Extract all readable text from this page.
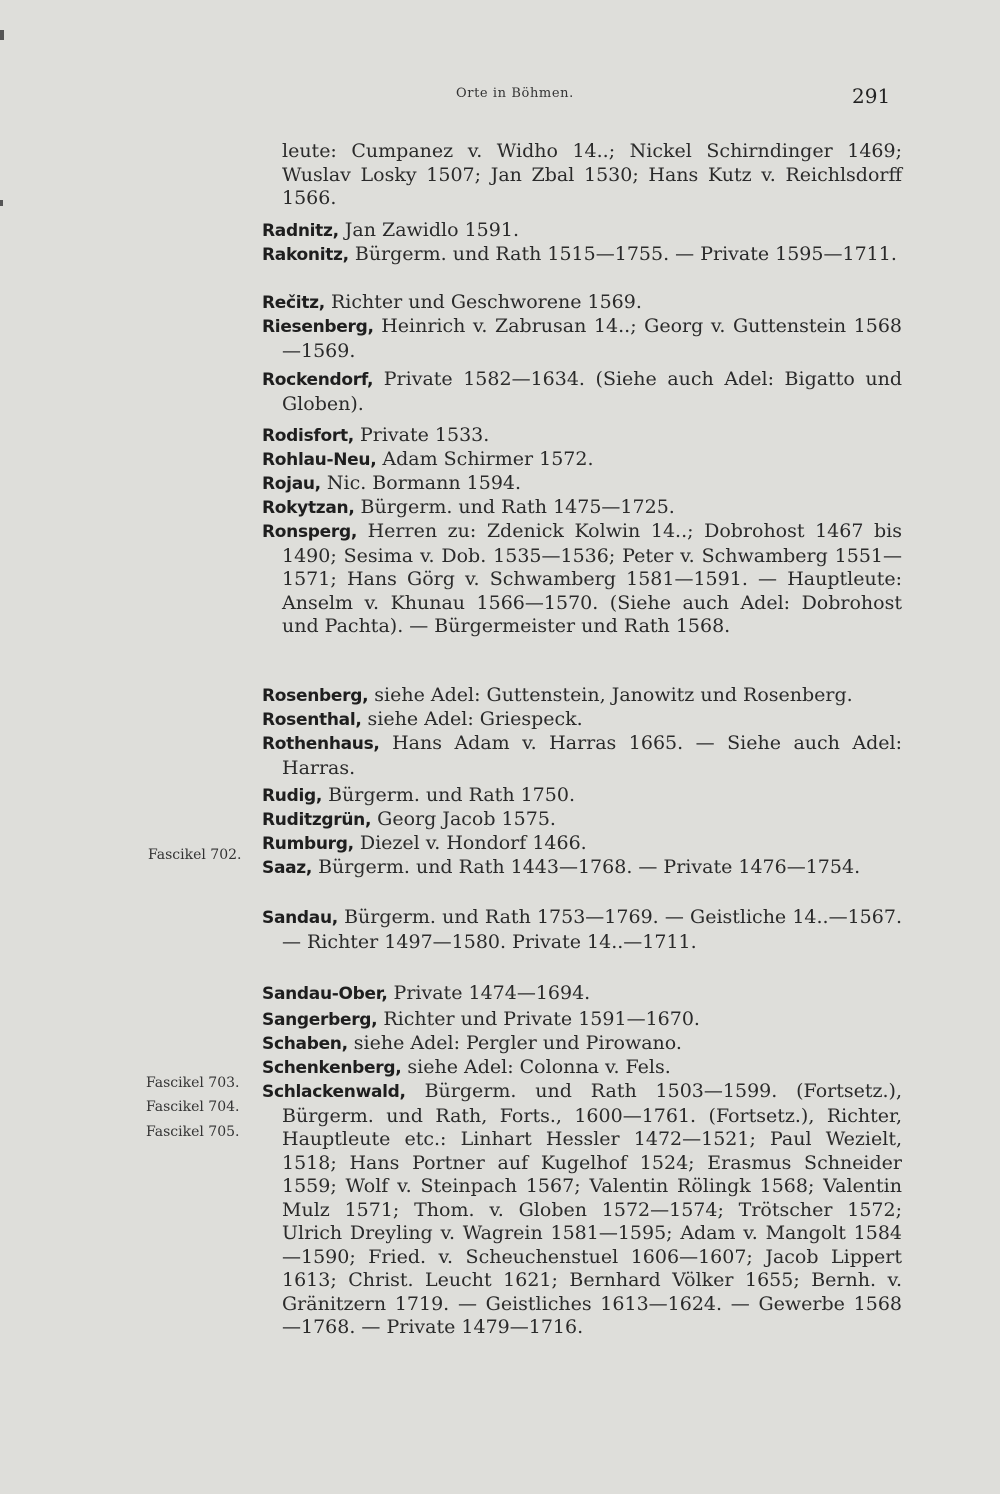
Orte in Böhmen.	291
Fascikel 702.
Fascikel 703.
Fascikel 704.
Fascikel 705.
leute: Cumpanez v. Widho 14..; Nickel Schirndinger 1469; Wuslav Losky 1507; Jan Zbal 1530; Hans Kutz v. Reichlsdorff 1566.
Radnitz, Jan Zawidlo 1591.
Rakonitz, Bürgerm. und Rath 1515—1755. — Private 1595—1711.
Rečitz, Richter und Geschworene 1569.
Riesenberg, Heinrich v. Zabrusan 14..; Georg v. Guttenstein 1568—1569.
Rockendorf, Private 1582—1634. (Siehe auch Adel: Bigatto und Globen).
Rodisfort, Private 1533.
Rohlau-Neu, Adam Schirmer 1572.
Rojau, Nic. Bormann 1594.
Rokytzan, Bürgerm. und Rath 1475—1725.
Ronsperg, Herren zu: Zdenick Kolwin 14..; Dobrohost 1467 bis 1490; Sesima v. Dob. 1535—1536; Peter v. Schwamberg 1551—1571; Hans Görg v. Schwamberg 1581—1591. — Hauptleute: Anselm v. Khunau 1566—1570. (Siehe auch Adel: Dobrohost und Pachta). — Bürgermeister und Rath 1568.
Rosenberg, siehe Adel: Guttenstein, Janowitz und Rosenberg.
Rosenthal, siehe Adel: Griespeck.
Rothenhaus, Hans Adam v. Harras 1665. — Siehe auch Adel: Harras.
Rudig, Bürgerm. und Rath 1750.
Ruditzgrün, Georg Jacob 1575.
Rumburg, Diezel v. Hondorf 1466.
Saaz, Bürgerm. und Rath 1443—1768. — Private 1476—1754.
Sandau, Bürgerm. und Rath 1753—1769. — Geistliche 14..—1567. — Richter 1497—1580. Private 14..—1711.
Sandau-Ober, Private 1474—1694.
Sangerberg, Richter und Private 1591—1670.
Schaben, siehe Adel: Pergler und Pirowano.
Schenkenberg, siehe Adel: Colonna v. Fels.
Schlackenwald, Bürgerm. und Rath 1503—1599. (Fortsetz.), Bürgerm. und Rath, Forts., 1600—1761. (Fortsetz.), Richter, Hauptleute etc.: Linhart Hessler 1472—1521; Paul Wezielt, 1518; Hans Portner auf Kugelhof 1524; Erasmus Schneider 1559; Wolf v. Steinpach 1567; Valentin Rölingk 1568; Valentin Mulz 1571; Thom. v. Globen 1572—1574; Trötscher 1572; Ulrich Dreyling v. Wagrein 1581—1595; Adam v. Mangolt 1584—1590; Fried. v. Scheuchenstuel 1606—1607; Jacob Lippert 1613; Christ. Leucht 1621; Bernhard Völker 1655; Bernh. v. Gränitzern 1719. — Geistliches 1613—1624. — Gewerbe 1568—1768. — Private 1479—1716.
